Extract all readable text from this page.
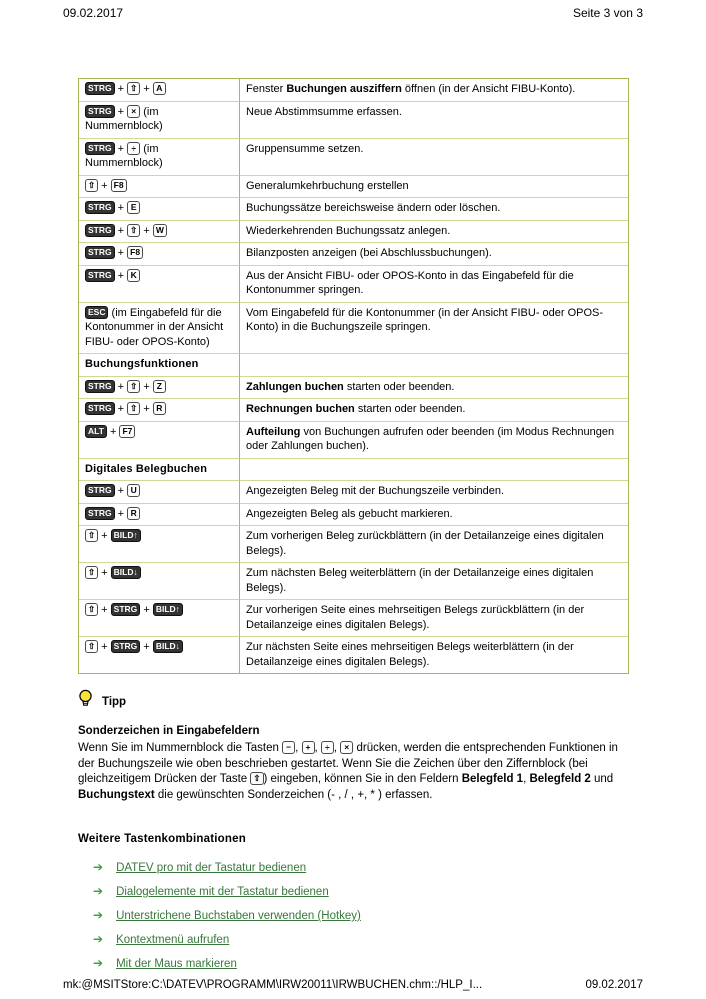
09.02.2017	Seite 3 von 3
STRG + ⇧ + A	Fenster Buchungen ausziffern öffnen (in der Ansicht FIBU-Konto).
STRG + × (im Nummernblock)	Neue Abstimmsumme erfassen.
STRG + ÷ (im Nummernblock)	Gruppensumme setzen.
⇧ + F8	Generalumkehrbuchung erstellen
STRG + E	Buchungssätze bereichsweise ändern oder löschen.
STRG + ⇧ + W	Wiederkehrenden Buchungssatz anlegen.
STRG + F8	Bilanzposten anzeigen (bei Abschlussbuchungen).
STRG + K	Aus der Ansicht FIBU- oder OPOS-Konto in das Eingabefeld für die Kontonummer springen.
ESC (im Eingabefeld für die Kontonummer in der Ansicht FIBU- oder OPOS-Konto)	Vom Eingabefeld für die Kontonummer (in der Ansicht FIBU- oder OPOS-Konto) in die Buchungszeile springen.
Buchungsfunktionen	
STRG + ⇧ + Z	Zahlungen buchen starten oder beenden.
STRG + ⇧ + R	Rechnungen buchen starten oder beenden.
ALT + F7	Aufteilung von Buchungen aufrufen oder beenden (im Modus Rechnungen oder Zahlungen buchen).
Digitales Belegbuchen	
STRG + U	Angezeigten Beleg mit der Buchungszeile verbinden.
STRG + R	Angezeigten Beleg als gebucht markieren.
⇧ + BILD↑	Zum vorherigen Beleg zurückblättern (in der Detailanzeige eines digitalen Belegs).
⇧ + BILD↓	Zum nächsten Beleg weiterblättern (in der Detailanzeige eines digitalen Belegs).
⇧ + STRG + BILD↑	Zur vorherigen Seite eines mehrseitigen Belegs zurückblättern (in der Detailanzeige eines digitalen Belegs).
⇧ + STRG + BILD↓	Zur nächsten Seite eines mehrseitigen Belegs weiterblättern (in der Detailanzeige eines digitalen Belegs).
Tipp
Sonderzeichen in Eingabefeldern

Wenn Sie im Nummernblock die Tasten − , + , ÷ , × drücken, werden die entsprechenden Funktionen in der Buchungszeile wie oben beschrieben gestartet. Wenn Sie die Zeichen über den Ziffernblock (bei gleichzeitigem Drücken der Taste ⇧ ) eingeben, können Sie in den Feldern Belegfeld 1, Belegfeld 2 und Buchungstext die gewünschten Sonderzeichen (- , / , +, * ) erfassen.

Weitere Tastenkombinationen
➔ DATEV pro mit der Tastatur bedienen
➔ Dialogelemente mit der Tastatur bedienen
➔ Unterstrichene Buchstaben verwenden (Hotkey)
➔ Kontextmenü aufrufen
➔ Mit der Maus markieren
mk:@MSITStore:C:\DATEV\PROGRAMM\IRW20011\IRWBUCHEN.chm::/HLP_I...	09.02.2017
